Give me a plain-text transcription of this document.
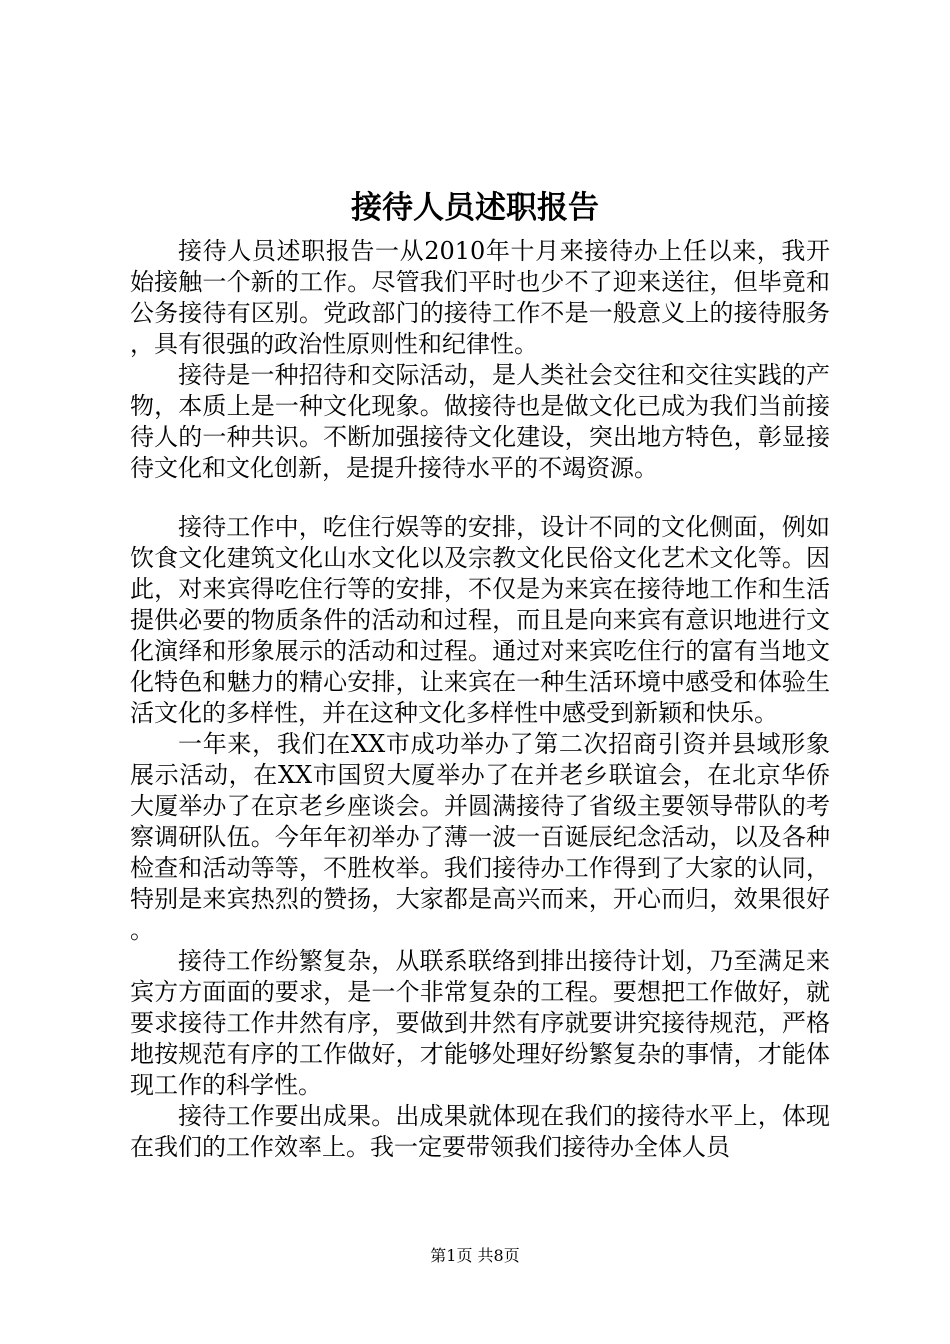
接待人员述职报告

接待人员述职报告一从2010年十月来接待办上任以来，我开始接触一个新的工作。尽管我们平时也少不了迎来送往，但毕竟和公务接待有区别。党政部门的接待工作不是一般意义上的接待服务，具有很强的政治性原则性和纪律性。

接待是一种招待和交际活动，是人类社会交往和交往实践的产物，本质上是一种文化现象。做接待也是做文化已成为我们当前接待人的一种共识。不断加强接待文化建设，突出地方特色，彰显接待文化和文化创新，是提升接待水平的不竭资源。

接待工作中，吃住行娱等的安排，设计不同的文化侧面，例如饮食文化建筑文化山水文化以及宗教文化民俗文化艺术文化等。因此，对来宾得吃住行等的安排，不仅是为来宾在接待地工作和生活提供必要的物质条件的活动和过程，而且是向来宾有意识地进行文化演绎和形象展示的活动和过程。通过对来宾吃住行的富有当地文化特色和魅力的精心安排，让来宾在一种生活环境中感受和体验生活文化的多样性，并在这种文化多样性中感受到新颖和快乐。

一年来，我们在XX市成功举办了第二次招商引资并县域形象展示活动，在XX市国贸大厦举办了在并老乡联谊会，在北京华侨大厦举办了在京老乡座谈会。并圆满接待了省级主要领导带队的考察调研队伍。今年年初举办了薄一波一百诞辰纪念活动，以及各种检查和活动等等，不胜枚举。我们接待办工作得到了大家的认同，特别是来宾热烈的赞扬，大家都是高兴而来，开心而归，效果很好。

接待工作纷繁复杂，从联系联络到排出接待计划，乃至满足来宾方方面面的要求，是一个非常复杂的工程。要想把工作做好，就要求接待工作井然有序，要做到井然有序就要讲究接待规范，严格地按规范有序的工作做好，才能够处理好纷繁复杂的事情，才能体现工作的科学性。

接待工作要出成果。出成果就体现在我们的接待水平上，体现在我们的工作效率上。我一定要带领我们接待办全体人员

第1页 共8页
